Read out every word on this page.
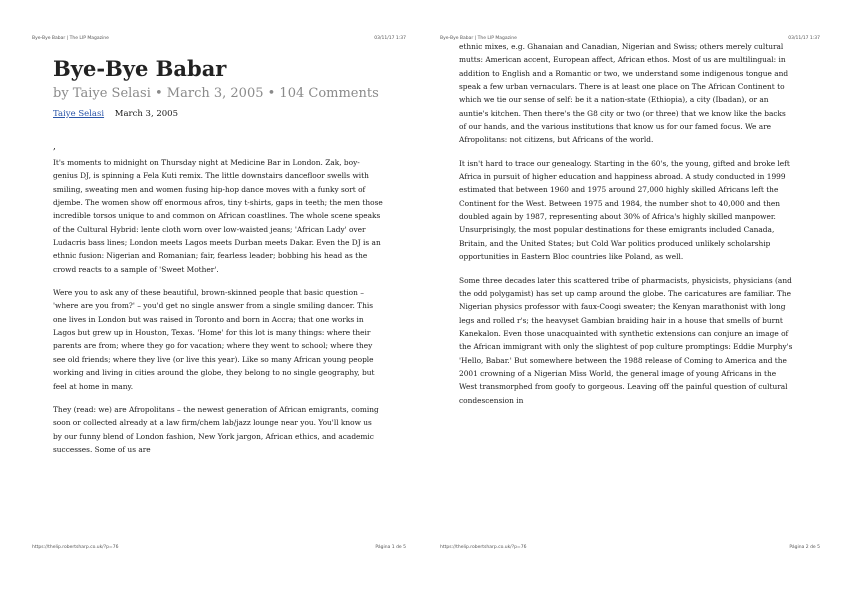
Bye-Bye Babar | The LIP Magazine	03/11/17 1:37
Bye-Bye Babar
by Taiye Selasi • March 3, 2005 • 104 Comments
Taiye Selasi March 3, 2005
,

It's moments to midnight on Thursday night at Medicine Bar in London. Zak, boy-genius DJ, is spinning a Fela Kuti remix. The little downstairs dancefloor swells with smiling, sweating men and women fusing hip-hop dance moves with a funky sort of djembe. The women show off enormous afros, tiny t-shirts, gaps in teeth; the men those incredible torsos unique to and common on African coastlines. The whole scene speaks of the Cultural Hybrid: lente cloth worn over low-waisted jeans; 'African Lady' over Ludacris bass lines; London meets Lagos meets Durban meets Dakar. Even the DJ is an ethnic fusion: Nigerian and Romanian; fair, fearless leader; bobbing his head as the crowd reacts to a sample of 'Sweet Mother'.

Were you to ask any of these beautiful, brown-skinned people that basic question – 'where are you from?' – you'd get no single answer from a single smiling dancer. This one lives in London but was raised in Toronto and born in Accra; that one works in Lagos but grew up in Houston, Texas. 'Home' for this lot is many things: where their parents are from; where they go for vacation; where they went to school; where they see old friends; where they live (or live this year). Like so many African young people working and living in cities around the globe, they belong to no single geography, but feel at home in many.

They (read: we) are Afropolitans – the newest generation of African emigrants, coming soon or collected already at a law firm/chem lab/jazz lounge near you. You'll know us by our funny blend of London fashion, New York jargon, African ethics, and academic successes. Some of us are

https://thelip.robertsharp.co.uk/?p=76	Página 1 de 5
Bye-Bye Babar | The LIP Magazine	03/11/17 1:37

ethnic mixes, e.g. Ghanaian and Canadian, Nigerian and Swiss; others merely cultural mutts: American accent, European affect, African ethos. Most of us are multilingual: in addition to English and a Romantic or two, we understand some indigenous tongue and speak a few urban vernaculars. There is at least one place on The African Continent to which we tie our sense of self: be it a nation-state (Ethiopia), a city (Ibadan), or an auntie's kitchen. Then there's the G8 city or two (or three) that we know like the backs of our hands, and the various institutions that know us for our famed focus. We are Afropolitans: not citizens, but Africans of the world.

It isn't hard to trace our genealogy. Starting in the 60's, the young, gifted and broke left Africa in pursuit of higher education and happiness abroad. A study conducted in 1999 estimated that between 1960 and 1975 around 27,000 highly skilled Africans left the Continent for the West. Between 1975 and 1984, the number shot to 40,000 and then doubled again by 1987, representing about 30% of Africa's highly skilled manpower. Unsurprisingly, the most popular destinations for these emigrants included Canada, Britain, and the United States; but Cold War politics produced unlikely scholarship opportunities in Eastern Bloc countries like Poland, as well.

Some three decades later this scattered tribe of pharmacists, physicists, physicians (and the odd polygamist) has set up camp around the globe. The caricatures are familiar. The Nigerian physics professor with faux-Coogi sweater; the Kenyan marathonist with long legs and rolled r's; the heavyset Gambian braiding hair in a house that smells of burnt Kanekalon. Even those unacquainted with synthetic extensions can conjure an image of the African immigrant with only the slightest of pop culture promptings: Eddie Murphy's 'Hello, Babar.' But somewhere between the 1988 release of Coming to America and the 2001 crowning of a Nigerian Miss World, the general image of young Africans in the West transmorphed from goofy to gorgeous. Leaving off the painful question of cultural condescension in

https://thelip.robertsharp.co.uk/?p=76	Página 2 de 5
